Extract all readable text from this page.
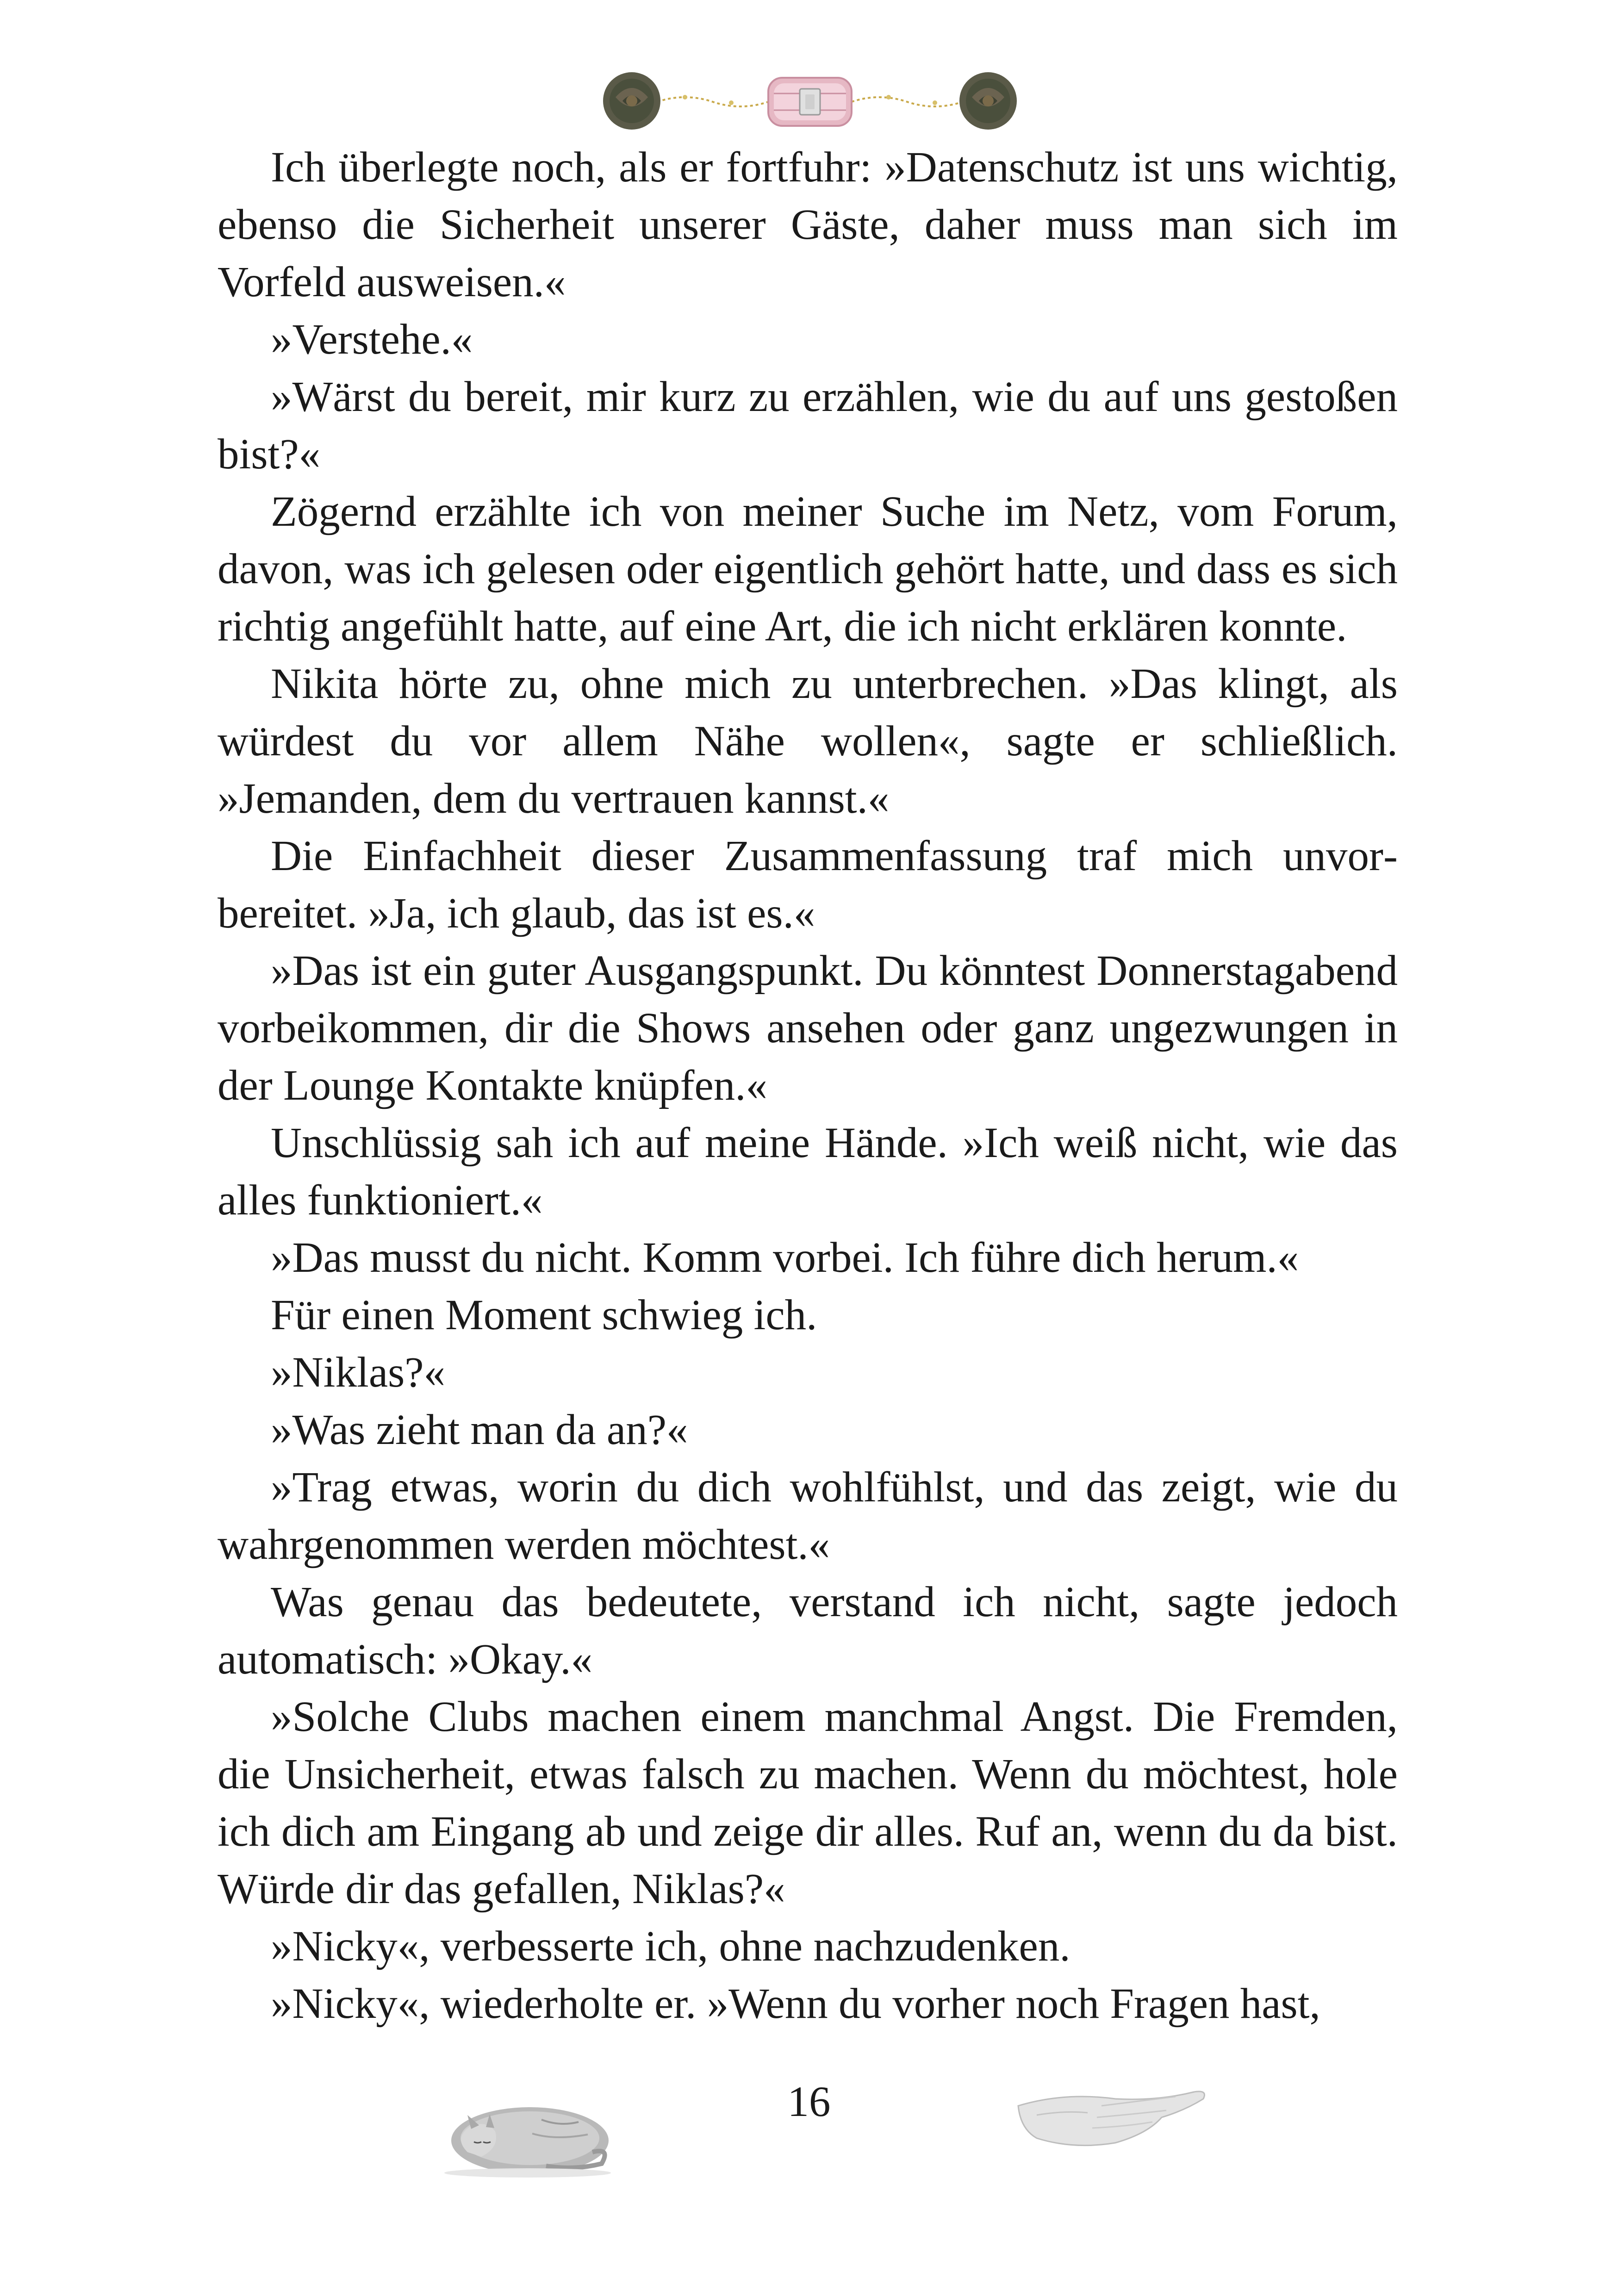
Ich überlegte noch, als er fortfuhr: »Datenschutz ist uns wichtig, ebenso die Sicherheit unserer Gäste, daher muss man sich im Vorfeld ausweisen.«

»Verstehe.«

»Wärst du bereit, mir kurz zu erzählen, wie du auf uns gestoßen bist?«

Zögernd erzählte ich von meiner Suche im Netz, vom Forum, davon, was ich gelesen oder eigentlich gehört hatte, und dass es sich richtig angefühlt hatte, auf eine Art, die ich nicht erklären konnte.

Nikita hörte zu, ohne mich zu unterbrechen. »Das klingt, als würdest du vor allem Nähe wollen«, sagte er schließlich. »Jemanden, dem du vertrauen kannst.«

Die Einfachheit dieser Zusammenfassung traf mich unvorbereitet. »Ja, ich glaub, das ist es.«

»Das ist ein guter Ausgangspunkt. Du könntest Donnerstagabend vorbeikommen, dir die Shows ansehen oder ganz ungezwungen in der Lounge Kontakte knüpfen.«

Unschlüssig sah ich auf meine Hände. »Ich weiß nicht, wie das alles funktioniert.«

»Das musst du nicht. Komm vorbei. Ich führe dich herum.«

Für einen Moment schwieg ich.

»Niklas?«

»Was zieht man da an?«

»Trag etwas, worin du dich wohlfühlst, und das zeigt, wie du wahrgenommen werden möchtest.«

Was genau das bedeutete, verstand ich nicht, sagte jedoch automatisch: »Okay.«

»Solche Clubs machen einem manchmal Angst. Die Fremden, die Unsicherheit, etwas falsch zu machen. Wenn du möchtest, hole ich dich am Eingang ab und zeige dir alles. Ruf an, wenn du da bist. Würde dir das gefallen, Niklas?«

»Nicky«, verbesserte ich, ohne nachzudenken.

»Nicky«, wiederholte er. »Wenn du vorher noch Fragen hast,

16
